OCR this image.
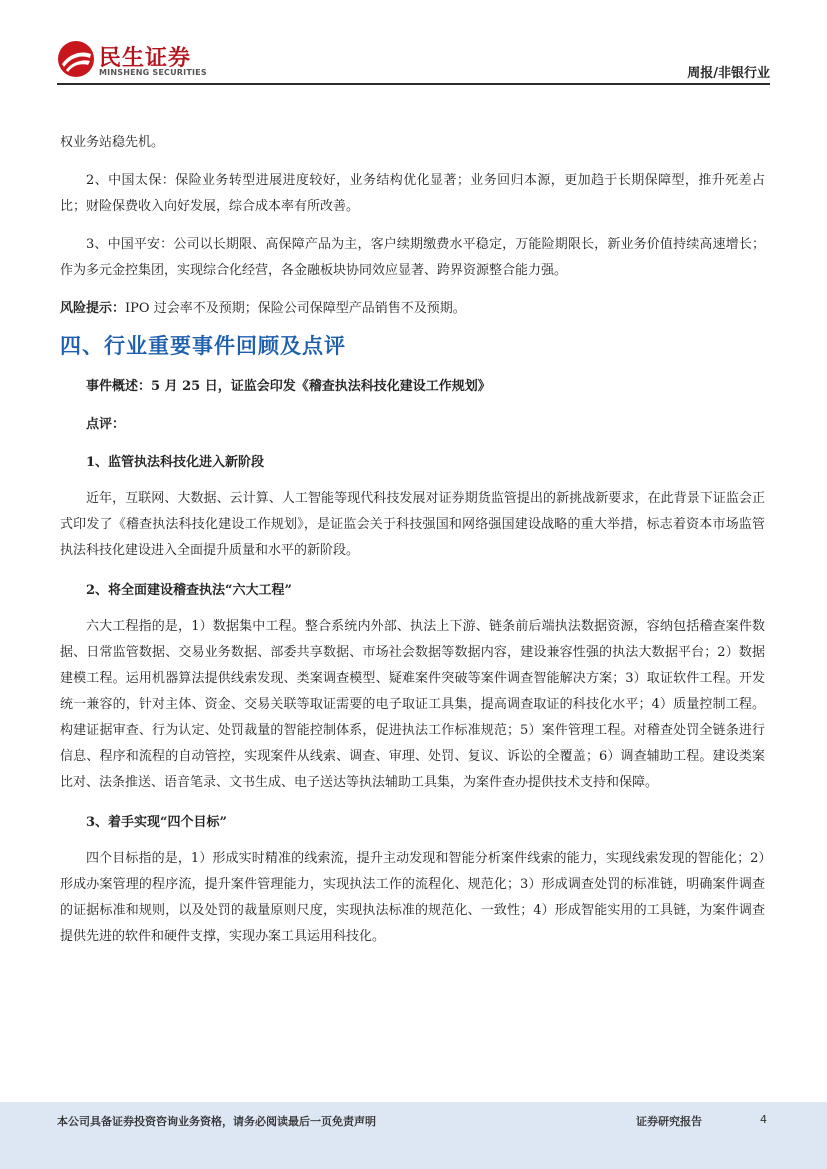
民生证券
MINSHENG SECURITIES	周报/非银行业

权业务站稳先机。

2、中国太保：保险业务转型进展进度较好，业务结构优化显著；业务回归本源，更加趋于长期保障型，推升死差占比；财险保费收入向好发展，综合成本率有所改善。

3、中国平安：公司以长期限、高保障产品为主，客户续期缴费水平稳定，万能险期限长，新业务价值持续高速增长；作为多元金控集团，实现综合化经营，各金融板块协同效应显著、跨界资源整合能力强。

风险提示：IPO 过会率不及预期；保险公司保障型产品销售不及预期。

四、行业重要事件回顾及点评

事件概述：5 月 25 日，证监会印发《稽查执法科技化建设工作规划》

点评：

1、监管执法科技化进入新阶段

近年，互联网、大数据、云计算、人工智能等现代科技发展对证券期货监管提出的新挑战新要求，在此背景下证监会正式印发了《稽查执法科技化建设工作规划》，是证监会关于科技强国和网络强国建设战略的重大举措，标志着资本市场监管执法科技化建设进入全面提升质量和水平的新阶段。

2、将全面建设稽查执法“六大工程”

六大工程指的是，1）数据集中工程。整合系统内外部、执法上下游、链条前后端执法数据资源，容纳包括稽查案件数据、日常监管数据、交易业务数据、部委共享数据、市场社会数据等数据内容，建设兼容性强的执法大数据平台；2）数据建模工程。运用机器算法提供线索发现、类案调查模型、疑难案件突破等案件调查智能解决方案；3）取证软件工程。开发统一兼容的，针对主体、资金、交易关联等取证需要的电子取证工具集，提高调查取证的科技化水平；4）质量控制工程。构建证据审查、行为认定、处罚裁量的智能控制体系，促进执法工作标准规范；5）案件管理工程。对稽查处罚全链条进行信息、程序和流程的自动管控，实现案件从线索、调查、审理、处罚、复议、诉讼的全覆盖；6）调查辅助工程。建设类案比对、法条推送、语音笔录、文书生成、电子送达等执法辅助工具集，为案件查办提供技术支持和保障。

3、着手实现“四个目标”

四个目标指的是，1）形成实时精准的线索流，提升主动发现和智能分析案件线索的能力，实现线索发现的智能化；2）形成办案管理的程序流，提升案件管理能力，实现执法工作的流程化、规范化；3）形成调查处罚的标准链，明确案件调查的证据标准和规则，以及处罚的裁量原则尺度，实现执法标准的规范化、一致性；4）形成智能实用的工具链，为案件调查提供先进的软件和硬件支撑，实现办案工具运用科技化。

本公司具备证券投资咨询业务资格，请务必阅读最后一页免责声明	证券研究报告	4
